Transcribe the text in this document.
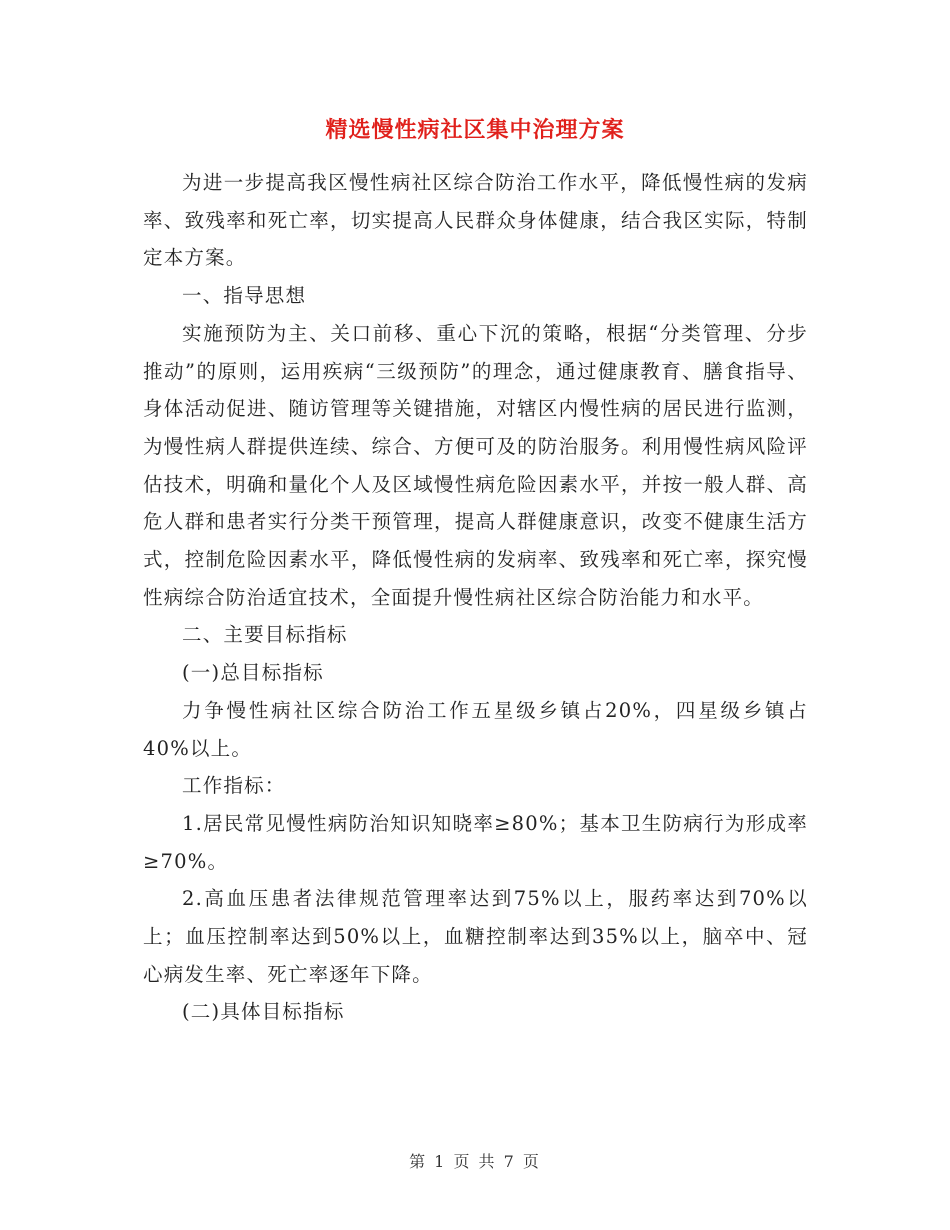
精选慢性病社区集中治理方案

为进一步提高我区慢性病社区综合防治工作水平，降低慢性病的发病率、致残率和死亡率，切实提高人民群众身体健康，结合我区实际，特制定本方案。

一、指导思想

实施预防为主、关口前移、重心下沉的策略，根据“分类管理、分步推动”的原则，运用疾病“三级预防”的理念，通过健康教育、膳食指导、身体活动促进、随访管理等关键措施，对辖区内慢性病的居民进行监测，为慢性病人群提供连续、综合、方便可及的防治服务。利用慢性病风险评估技术，明确和量化个人及区域慢性病危险因素水平，并按一般人群、高危人群和患者实行分类干预管理，提高人群健康意识，改变不健康生活方式，控制危险因素水平，降低慢性病的发病率、致残率和死亡率，探究慢性病综合防治适宜技术，全面提升慢性病社区综合防治能力和水平。

二、主要目标指标

(一)总目标指标

力争慢性病社区综合防治工作五星级乡镇占20%，四星级乡镇占40%以上。

工作指标：

1.居民常见慢性病防治知识知晓率≥80%；基本卫生防病行为形成率≥70%。

2.高血压患者法律规范管理率达到75%以上，服药率达到70%以上；血压控制率达到50%以上，血糖控制率达到35%以上，脑卒中、冠心病发生率、死亡率逐年下降。

(二)具体目标指标

第 1 页 共 7 页
